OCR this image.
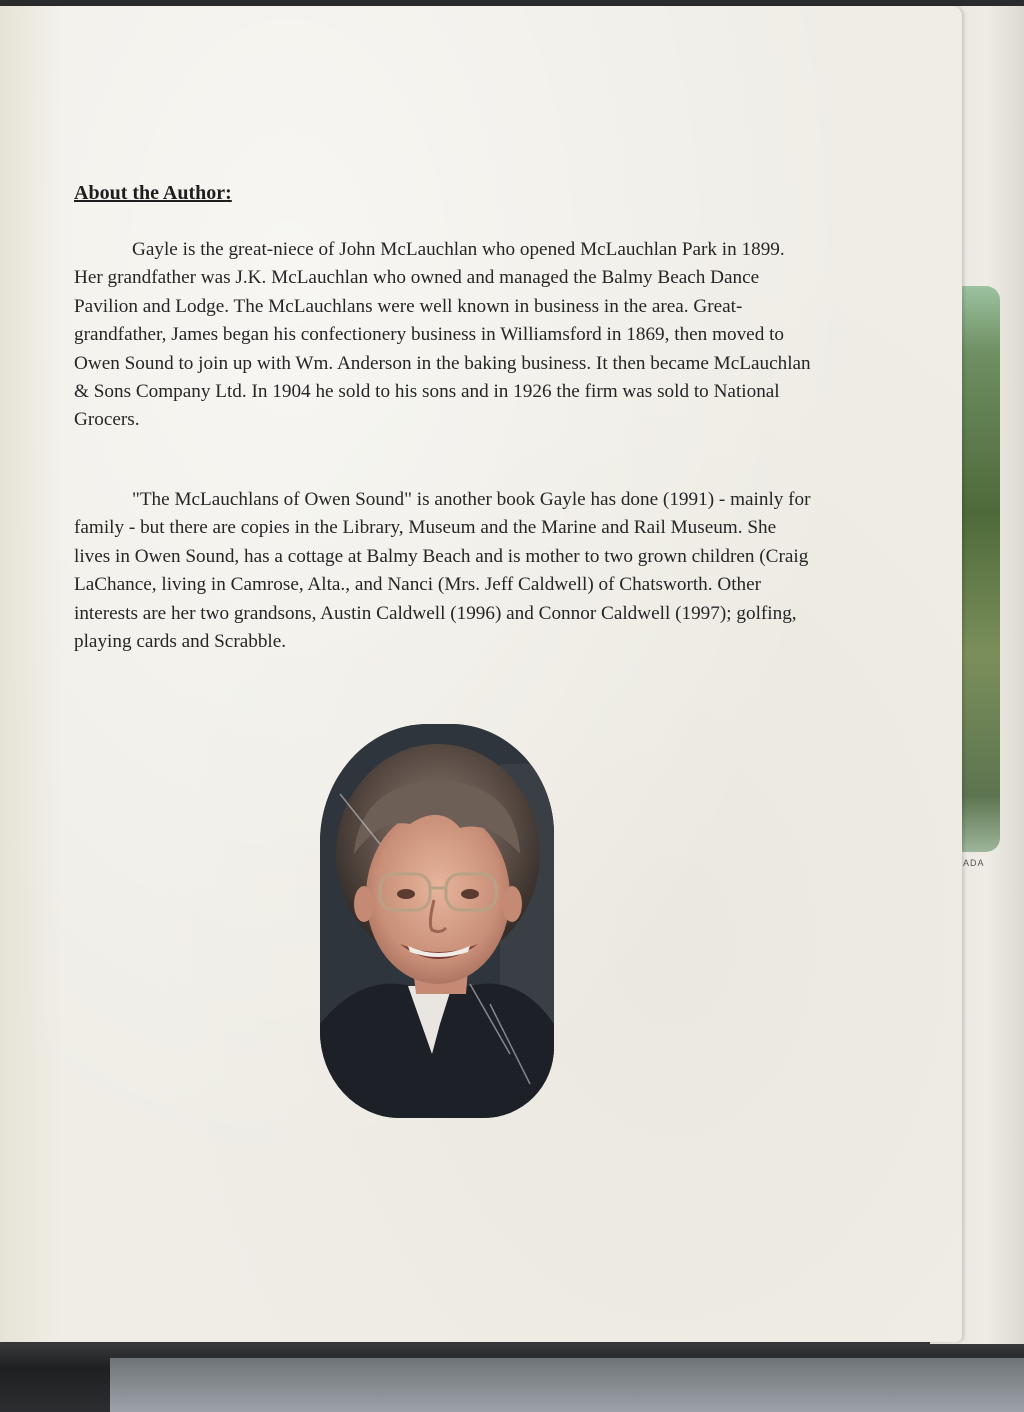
ADA
About the Author:

Gayle is the great-niece of John McLauchlan who opened McLauchlan Park in 1899. Her grandfather was J.K. McLauchlan who owned and managed the Balmy Beach Dance Pavilion and Lodge. The McLauchlans were well known in business in the area. Great-grandfather, James began his confectionery business in Williamsford in 1869, then moved to Owen Sound to join up with Wm. Anderson in the baking business. It then became McLauchlan & Sons Company Ltd. In 1904 he sold to his sons and in 1926 the firm was sold to National Grocers.

"The McLauchlans of Owen Sound" is another book Gayle has done (1991) - mainly for family - but there are copies in the Library, Museum and the Marine and Rail Museum. She lives in Owen Sound, has a cottage at Balmy Beach and is mother to two grown children (Craig LaChance, living in Camrose, Alta., and Nanci (Mrs. Jeff Caldwell) of Chatsworth. Other interests are her two grandsons, Austin Caldwell (1996) and Connor Caldwell (1997); golfing, playing cards and Scrabble.
